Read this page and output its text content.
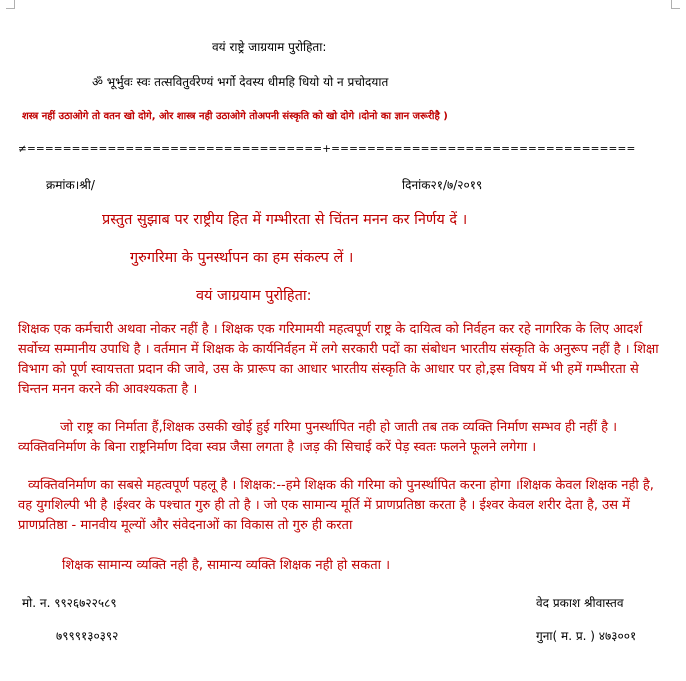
वयं राष्ट्रे जाग्रयाम पुरोहिता:
ॐ भूर्भुवः स्वः तत्सवितुर्वरेण्यं भर्गो देवस्य धीमहि धियो यो न प्रचोदयात
शस्त्र नहीं उठाओगे तो वतन खो दोगे, ओर शास्त्र नही उठाओगे तोअपनी संस्कृति को खो दोगे ।दोनो का ज्ञान जरूरीहै )
≠=================================+==================================
क्रमांक।श्री/	दिनांक२१/७/२०१९
प्रस्तुत सुझाब पर राष्ट्रीय हित में गम्भीरता से चिंतन मनन कर निर्णय दें ।
गुरुगरिमा के पुनर्स्थापन का हम संकल्प लें ।
वयं जाग्रयाम पुरोहिता:
शिक्षक एक कर्मचारी अथवा नोकर नहीं है । शिक्षक एक गरिमामयी महत्वपूर्ण राष्ट्र के दायित्व को निर्वहन कर रहे नागरिक के लिए आदर्श सर्वोच्य सम्मानीय उपाधि है । वर्तमान में शिक्षक के कार्यनिर्वहन में लगे सरकारी पदों का संबोधन भारतीय संस्कृति के अनुरूप नहीं है । शिक्षा विभाग को पूर्ण स्वायत्तता प्रदान की जावे, उस के प्रारूप का आधार भारतीय संस्कृति के आधार पर हो,इस विषय में भी हमें गम्भीरता से चिन्तन मनन करने की आवश्यकता है ।
जो राष्ट्र का निर्माता हैं,शिक्षक उसकी खोई हुई गरिमा पुनर्स्थापित नही हो जाती तब तक व्यक्ति निर्माण सम्भव ही नहीं है ।व्यक्तिवनिर्माण के बिना राष्ट्रनिर्माण दिवा स्वप्न जैसा लगता है ।जड़ की सिचाई करें पेड़ स्वतः फलने फूलने लगेगा ।
व्यक्तिवनिर्माण का सबसे महत्वपूर्ण पहलू है । शिक्षक:--हमे शिक्षक की गरिमा को पुनर्स्थापित करना होगा ।शिक्षक केवल शिक्षक नही है, वह युगशिल्पी भी है ।ईश्वर के पश्चात गुरु ही तो है । जो एक सामान्य मूर्ति में प्राणप्रतिष्ठा करता है । ईश्वर केवल शरीर देता है, उस में प्राणप्रतिष्ठा - मानवीय मूल्यों और संवेदनाओं का विकास तो गुरु ही करता
शिक्षक सामान्य व्यक्ति नही है, सामान्य व्यक्ति शिक्षक नही हो सकता ।
मो. न. ९९२६७२२५८९	वेद प्रकाश श्रीवास्तव
७९९९१३०३९२	गुना( म. प्र. ) ४७३००१
